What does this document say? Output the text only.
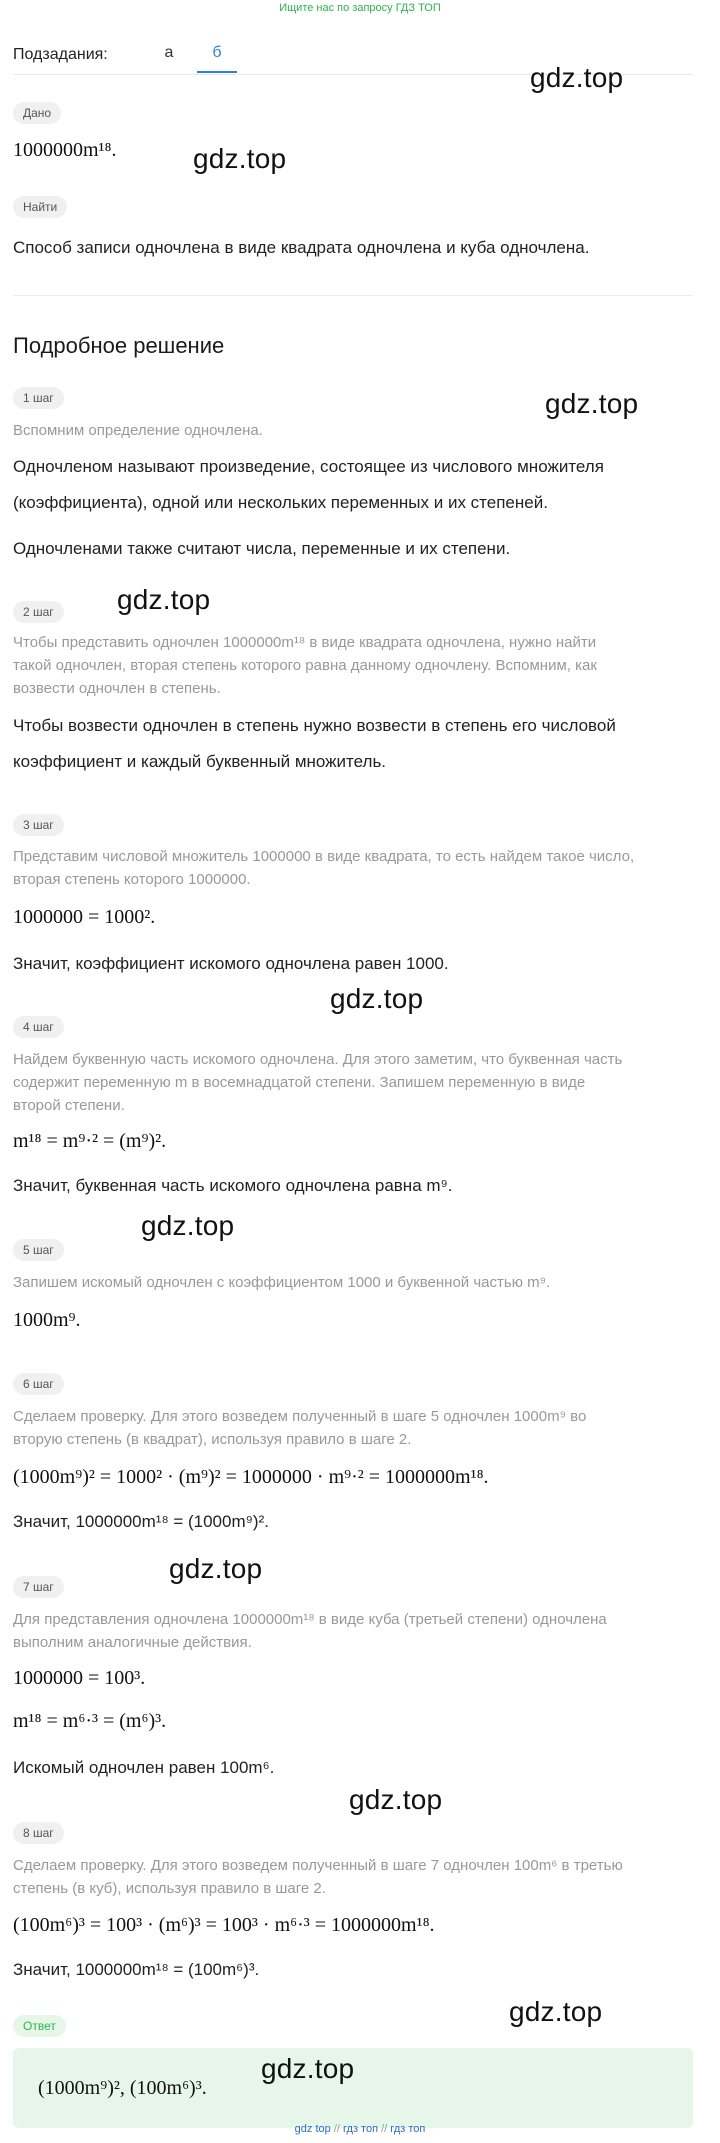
Ищите нас по запросу ГДЗ ТОП
Подзадания:	а	б
Дано
1000000m¹⁸.
Найти
Способ записи одночлена в виде квадрата одночлена и куба одночлена.
Подробное решение
1 шаг
Вспомним определение одночлена.
Одночленом называют произведение, состоящее из числового множителя
(коэффициента), одной или нескольких переменных и их степеней.
Одночленами также считают числа, переменные и их степени.
2 шаг
Чтобы представить одночлен 1000000m¹⁸ в виде квадрата одночлена, нужно найти
такой одночлен, вторая степень которого равна данному одночлену. Вспомним, как
возвести одночлен в степень.
Чтобы возвести одночлен в степень нужно возвести в степень его числовой
коэффициент и каждый буквенный множитель.
3 шаг
Представим числовой множитель 1000000 в виде квадрата, то есть найдем такое число,
вторая степень которого 1000000.
1000000 = 1000².
Значит, коэффициент искомого одночлена равен 1000.
4 шаг
Найдем буквенную часть искомого одночлена. Для этого заметим, что буквенная часть
содержит переменную m в восемнадцатой степени. Запишем переменную в виде
второй степени.
m¹⁸ = m⁹·² = (m⁹)².
Значит, буквенная часть искомого одночлена равна m⁹.
5 шаг
Запишем искомый одночлен с коэффициентом 1000 и буквенной частью m⁹.
1000m⁹.
6 шаг
Сделаем проверку. Для этого возведем полученный в шаге 5 одночлен 1000m⁹ во
вторую степень (в квадрат), используя правило в шаге 2.
(1000m⁹)² = 1000² · (m⁹)² = 1000000 · m⁹·² = 1000000m¹⁸.
Значит, 1000000m¹⁸ = (1000m⁹)².
7 шаг
Для представления одночлена 1000000m¹⁸ в виде куба (третьей степени) одночлена
выполним аналогичные действия.
1000000 = 100³.
m¹⁸ = m⁶·³ = (m⁶)³.
Искомый одночлен равен 100m⁶.
8 шаг
Сделаем проверку. Для этого возведем полученный в шаге 7 одночлен 100m⁶ в третью
степень (в куб), используя правило в шаге 2.
(100m⁶)³ = 100³ · (m⁶)³ = 100³ · m⁶·³ = 1000000m¹⁸.
Значит, 1000000m¹⁸ = (100m⁶)³.
Ответ
(1000m⁹)², (100m⁶)³.
gdz.top
gdz.top
gdz.top
gdz.top
gdz.top
gdz.top
gdz.top
gdz.top
gdz.top
gdz.top
gdz top // гдз топ // гдз топ
